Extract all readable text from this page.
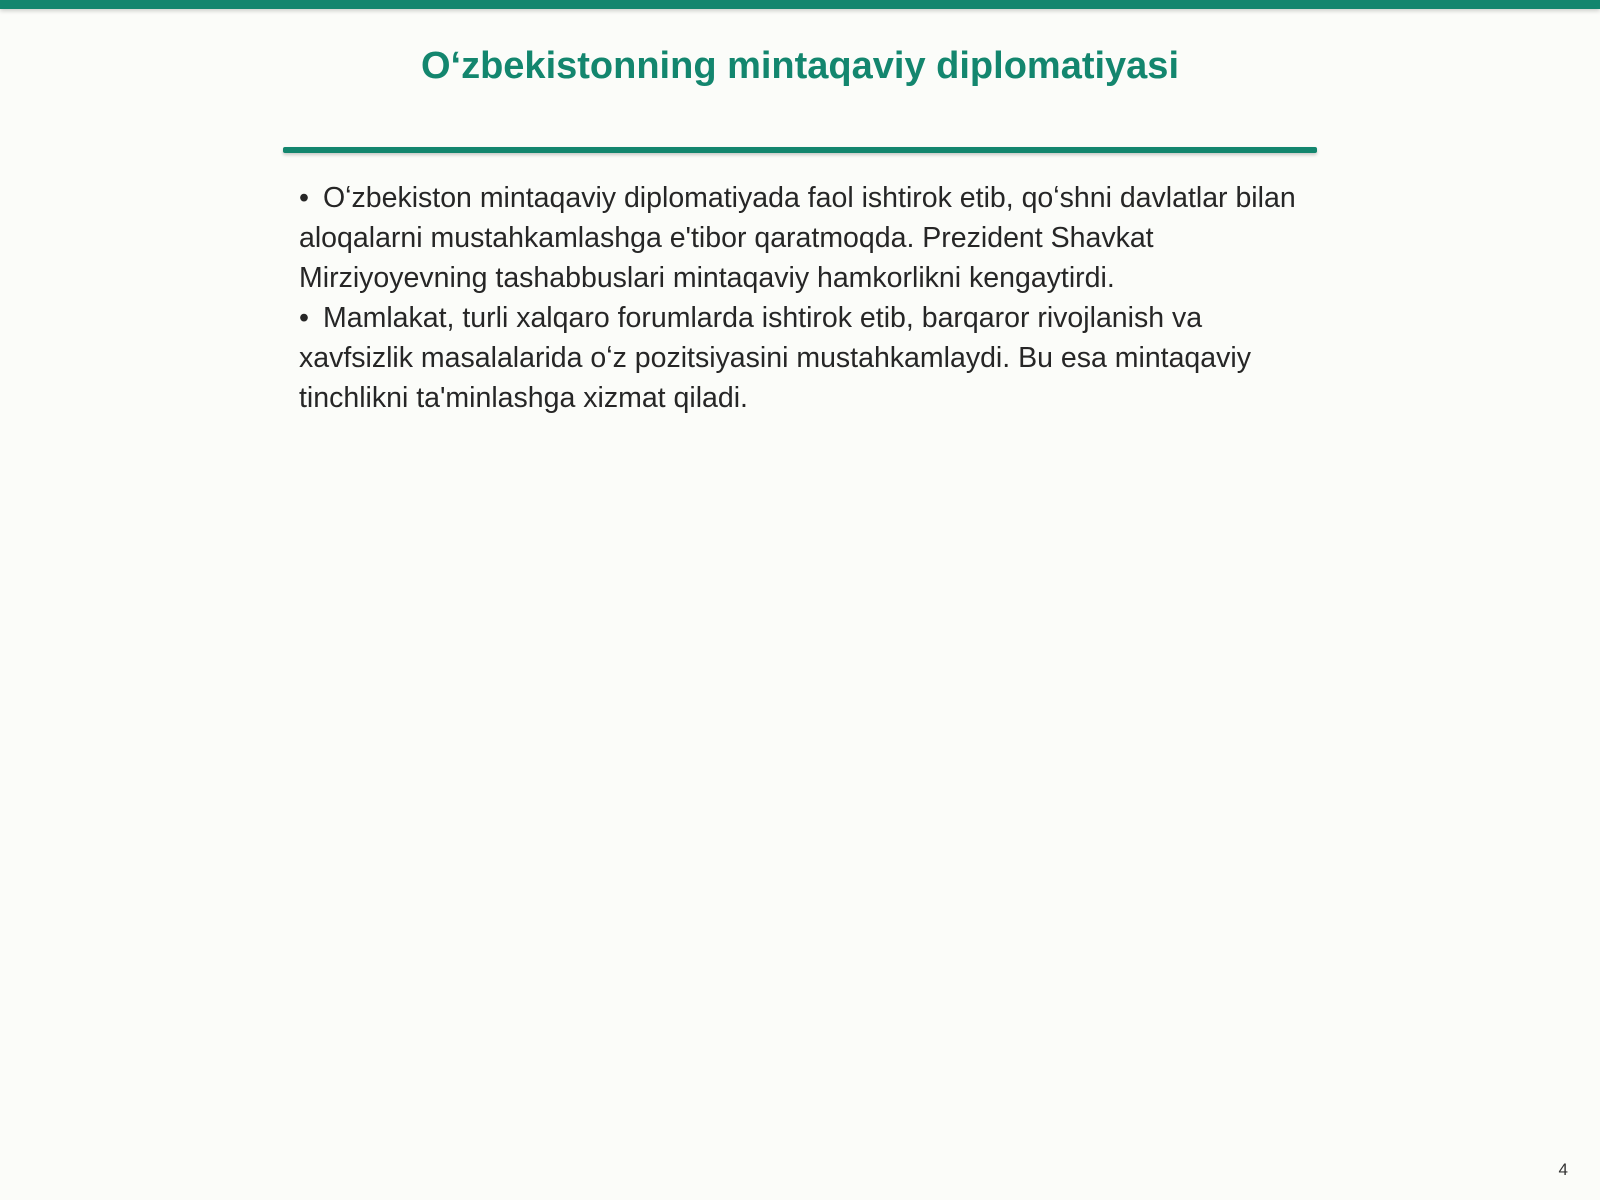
Oʻzbekistonning mintaqaviy diplomatiyasi

• Oʻzbekiston mintaqaviy diplomatiyada faol ishtirok etib, qoʻshni davlatlar bilan aloqalarni mustahkamlashga e'tibor qaratmoqda. Prezident Shavkat Mirziyoyevning tashabbuslari mintaqaviy hamkorlikni kengaytirdi.

• Mamlakat, turli xalqaro forumlarda ishtirok etib, barqaror rivojlanish va xavfsizlik masalalarida oʻz pozitsiyasini mustahkamlaydi. Bu esa mintaqaviy tinchlikni ta'minlashga xizmat qiladi.

4
